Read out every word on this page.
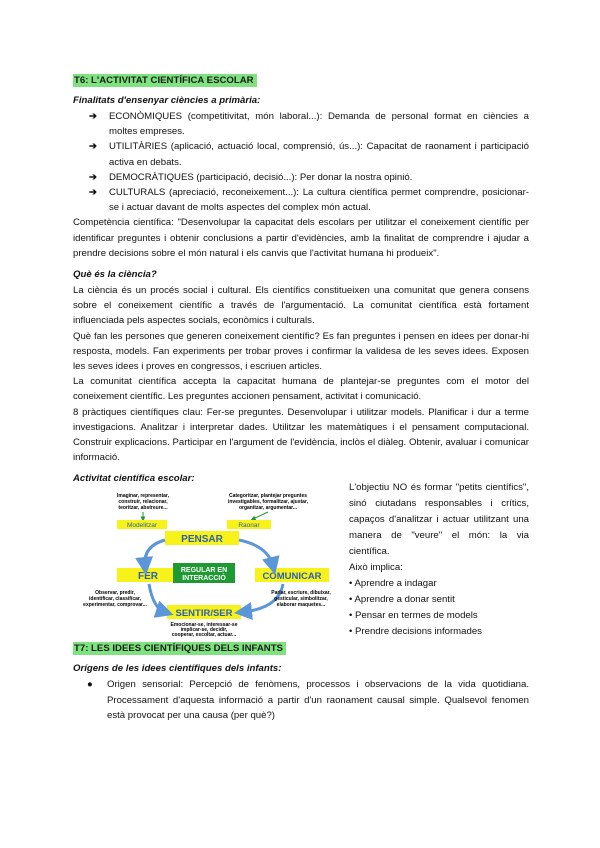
T6: L'ACTIVITAT CIENTÍFICA ESCOLAR
Finalitats d'ensenyar ciències a primària:
➔ ECONÒMIQUES (competitivitat, món laboral...): Demanda de personal format en ciències a moltes empreses.
➔ UTILITÀRIES (aplicació, actuació local, comprensió, ús...): Capacitat de raonament i participació activa en debats.
➔ DEMOCRÀTIQUES (participació, decisió...): Per donar la nostra opinió.
➔ CULTURALS (apreciació, reconeixement...): La cultura científica permet comprendre, posicionar-se i actuar davant de molts aspectes del complex món actual.

Competència científica: "Desenvolupar la capacitat dels escolars per utilitzar el coneixement científic per identificar preguntes i obtenir conclusions a partir d'evidències, amb la finalitat de comprendre i ajudar a prendre decisions sobre el món natural i els canvis que l'activitat humana hi produeix".

Què és la ciència?

La ciència és un procés social i cultural. Els científics constitueixen una comunitat que genera consens sobre el coneixement científic a través de l'argumentació. La comunitat científica està fortament influenciada pels aspectes socials, econòmics i culturals.

Què fan les persones que generen coneixement científic? Es fan preguntes i pensen en idees per donar-hi resposta, models. Fan experiments per trobar proves i confirmar la validesa de les seves idees. Exposen les seves idees i proves en congressos, i escriuen articles.

La comunitat científica accepta la capacitat humana de plantejar-se preguntes com el motor del coneixement científic. Les preguntes accionen pensament, activitat i comunicació.

8 pràctiques científiques clau: Fer-se preguntes. Desenvolupar i utilitzar models. Planificar i dur a terme investigacions. Analitzar i interpretar dades. Utilitzar les matemàtiques i el pensament computacional. Construir explicacions. Participar en l'argument de l'evidència, inclòs el diàleg. Obtenir, avaluar i comunicar informació.

Activitat científica escolar:
Imaginar, representar,
construir, relacionar,
teoritzar, abstreure...
Categoritzar, plantejar preguntes
investigables, formalitzar, ajustar,
organitzar, argumentar...
Modelitzar	Raonar
PENSAR
FER	COMUNICAR
REGULAR EN
INTERACCIÓ
SENTIR/SER
Observar, predir,
identificar, classificar,
experimentar, comprovar...
Parlar, escriure, dibuixar,
gesticular, simbolitzar,
elaborar maquetes...
Emocionar-se, interessar-se
implicar-se, decidir,
cooperar, escoltar, actuar...

L'objectiu NO és formar "petits científics", sinó ciutadans responsables i crítics, capaços d'analitzar i actuar utilitzant una manera de "veure" el món: la via científica.

Això implica:

• Aprendre a indagar
• Aprendre a donar sentit
• Pensar en termes de models
• Prendre decisions informades
T7: LES IDEES CIENTÍFIQUES DELS INFANTS
Orígens de les idees científiques dels infants:
● Origen sensorial: Percepció de fenòmens, processos i observacions de la vida quotidiana. Processament d'aquesta informació a partir d'un raonament causal simple. Qualsevol fenomen està provocat per una causa (per què?)
